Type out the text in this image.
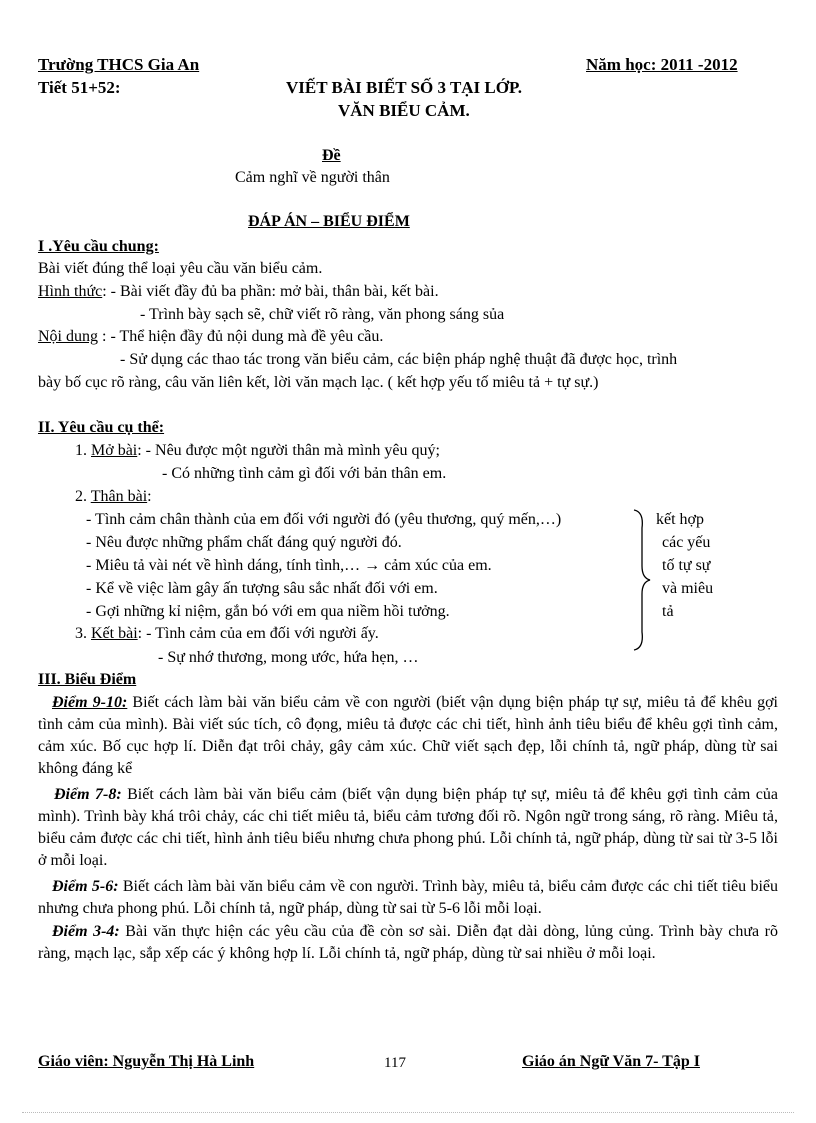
Trường THCS Gia An	Năm học: 2011 -2012
Tiết 51+52:	VIẾT BÀI BIẾT SỐ 3 TẠI LỚP.
VĂN BIỂU CẢM.
Đề
Cảm nghĩ về người thân
ĐÁP ÁN – BIỂU ĐIỂM
I .Yêu cầu chung:
Bài viết đúng thể loại yêu cầu văn biểu cảm.
Hình thức: - Bài viết đầy đủ ba phần: mở bài, thân bài, kết bài.
- Trình bày sạch sẽ, chữ viết rõ ràng, văn phong sáng sủa
Nội dung : - Thể hiện đầy đủ nội dung mà đề yêu cầu.
- Sử dụng các thao tác trong văn biểu cảm, các biện pháp nghệ thuật đã được học, trình
bày bố cục rõ ràng, câu văn liên kết, lời văn mạch lạc. ( kết hợp yếu tố miêu tả + tự sự.)
II. Yêu cầu cụ thể:
1. Mở bài: - Nêu được một người thân mà mình yêu quý;
- Có những tình cảm gì đối với bản thân em.
2. Thân bài:
- Tình cảm chân thành của em đối với người đó (yêu thương, quý mến,…)
- Nêu được những phẩm chất đáng quý người đó.
- Miêu tả vài nét về hình dáng, tính tình,… → cảm xúc của em.
- Kể về việc làm gây ấn tượng sâu sắc nhất đối với em.
- Gợi những kỉ niệm, gắn bó với em qua niềm hồi tưởng.
kết hợp
các yếu
tố tự sự
và miêu
tả
3. Kết bài: - Tình cảm của em đối với người ấy.
- Sự nhớ thương, mong ước, hứa hẹn, …
III. Biểu Điểm
Điểm 9-10: Biết cách làm bài văn biểu cảm về con người (biết vận dụng biện pháp tự sự, miêu tả để khêu gợi tình cảm của mình). Bài viết súc tích, cô đọng, miêu tả được các chi tiết, hình ảnh tiêu biểu để khêu gợi tình cảm, cảm xúc. Bố cục hợp lí. Diễn đạt trôi chảy, gây cảm xúc. Chữ viết sạch đẹp, lỗi chính tả, ngữ pháp, dùng từ sai không đáng kể
Điểm 7-8: Biết cách làm bài văn biểu cảm (biết vận dụng biện pháp tự sự, miêu tả để khêu gợi tình cảm của mình). Trình bày khá trôi chảy, các chi tiết miêu tả, biểu cảm tương đối rõ. Ngôn ngữ trong sáng, rõ ràng. Miêu tả, biểu cảm được các chi tiết, hình ảnh tiêu biểu nhưng chưa phong phú. Lỗi chính tả, ngữ pháp, dùng từ sai từ 3-5 lỗi ở mỗi loại.
Điểm 5-6: Biết cách làm bài văn biểu cảm về con người. Trình bày, miêu tả, biểu cảm được các chi tiết tiêu biểu nhưng chưa phong phú. Lỗi chính tả, ngữ pháp, dùng từ sai từ 5-6 lỗi mỗi loại.
Điểm 3-4: Bài văn thực hiện các yêu cầu của đề còn sơ sài. Diễn đạt dài dòng, lủng củng. Trình bày chưa rõ ràng, mạch lạc, sắp xếp các ý không hợp lí. Lỗi chính tả, ngữ pháp, dùng từ sai nhiều ở mỗi loại.
Giáo viên: Nguyễn Thị Hà Linh	117	Giáo án Ngữ Văn 7- Tập I
